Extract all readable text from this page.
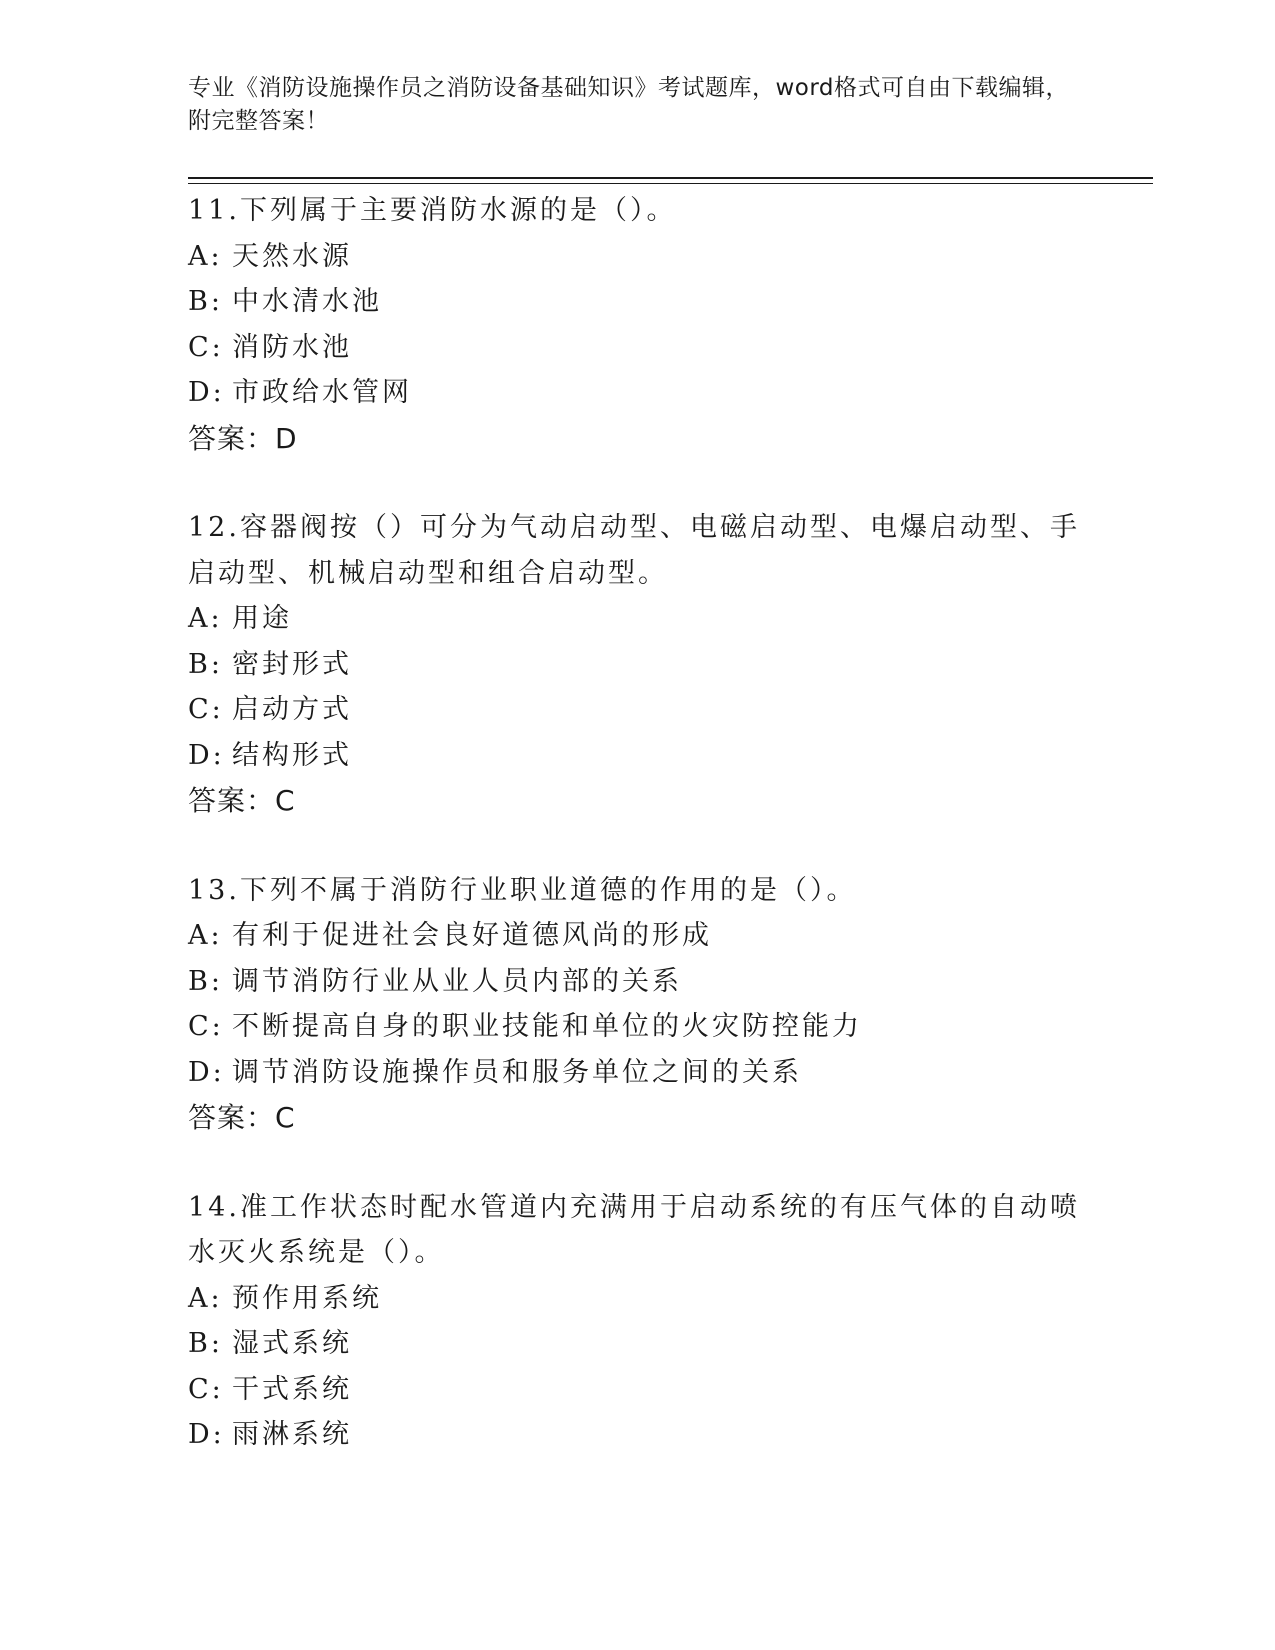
专业《消防设施操作员之消防设备基础知识》考试题库，word格式可自由下载编辑，附完整答案！

11.下列属于主要消防水源的是（）。

A: 天然水源
B: 中水清水池
C: 消防水池
D: 市政给水管网
答案：D

12.容器阀按（）可分为气动启动型、电磁启动型、电爆启动型、手启动型、机械启动型和组合启动型。

A: 用途
B: 密封形式
C: 启动方式
D: 结构形式
答案：C

13.下列不属于消防行业职业道德的作用的是（）。

A: 有利于促进社会良好道德风尚的形成
B: 调节消防行业从业人员内部的关系
C: 不断提高自身的职业技能和单位的火灾防控能力
D: 调节消防设施操作员和服务单位之间的关系
答案：C

14.准工作状态时配水管道内充满用于启动系统的有压气体的自动喷水灭火系统是（）。

A: 预作用系统
B: 湿式系统
C: 干式系统
D: 雨淋系统
